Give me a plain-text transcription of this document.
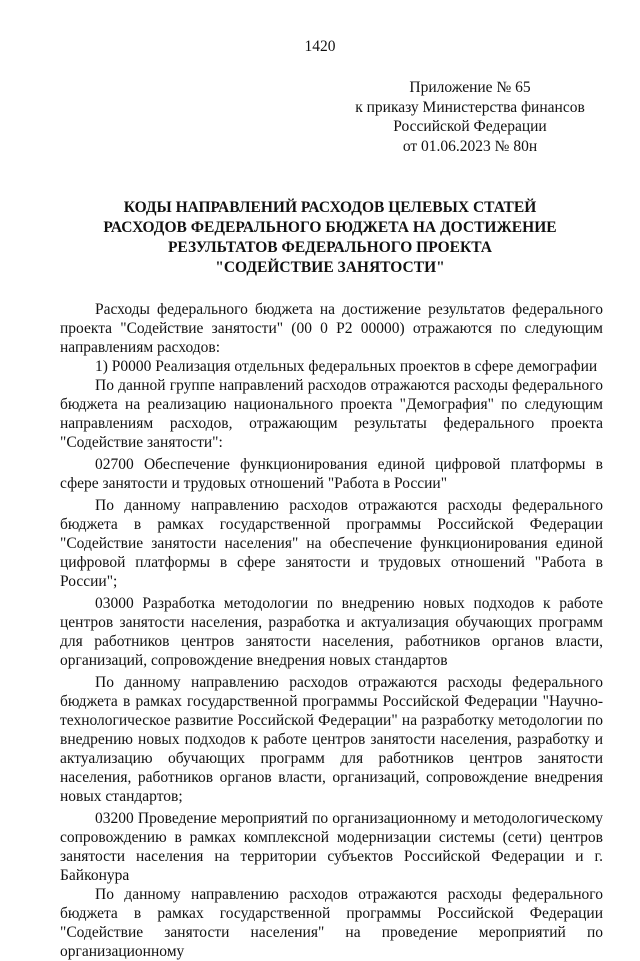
1420
Приложение № 65
к приказу Министерства финансов
Российской Федерации
от 01.06.2023 № 80н
КОДЫ НАПРАВЛЕНИЙ РАСХОДОВ ЦЕЛЕВЫХ СТАТЕЙ
РАСХОДОВ ФЕДЕРАЛЬНОГО БЮДЖЕТА НА ДОСТИЖЕНИЕ
РЕЗУЛЬТАТОВ ФЕДЕРАЛЬНОГО ПРОЕКТА
"СОДЕЙСТВИЕ ЗАНЯТОСТИ"

Расходы федерального бюджета на достижение результатов федерального проекта "Содействие занятости" (00 0 Р2 00000) отражаются по следующим направлениям расходов:

1) Р0000 Реализация отдельных федеральных проектов в сфере демографии

По данной группе направлений расходов отражаются расходы федерального бюджета на реализацию национального проекта "Демография" по следующим направлениям расходов, отражающим результаты федерального проекта "Содействие занятости":

02700 Обеспечение функционирования единой цифровой платформы в сфере занятости и трудовых отношений "Работа в России"

По данному направлению расходов отражаются расходы федерального бюджета в рамках государственной программы Российской Федерации "Содействие занятости населения" на обеспечение функционирования единой цифровой платформы в сфере занятости и трудовых отношений "Работа в России";

03000 Разработка методологии по внедрению новых подходов к работе центров занятости населения, разработка и актуализация обучающих программ для работников центров занятости населения, работников органов власти, организаций, сопровождение внедрения новых стандартов

По данному направлению расходов отражаются расходы федерального бюджета в рамках государственной программы Российской Федерации "Научно-технологическое развитие Российской Федерации" на разработку методологии по внедрению новых подходов к работе центров занятости населения, разработку и актуализацию обучающих программ для работников центров занятости населения, работников органов власти, организаций, сопровождение внедрения новых стандартов;

03200 Проведение мероприятий по организационному и методологическому сопровождению в рамках комплексной модернизации системы (сети) центров занятости населения на территории субъектов Российской Федерации и г. Байконура

По данному направлению расходов отражаются расходы федерального бюджета в рамках государственной программы Российской Федерации "Содействие занятости населения" на проведение мероприятий по организационному
